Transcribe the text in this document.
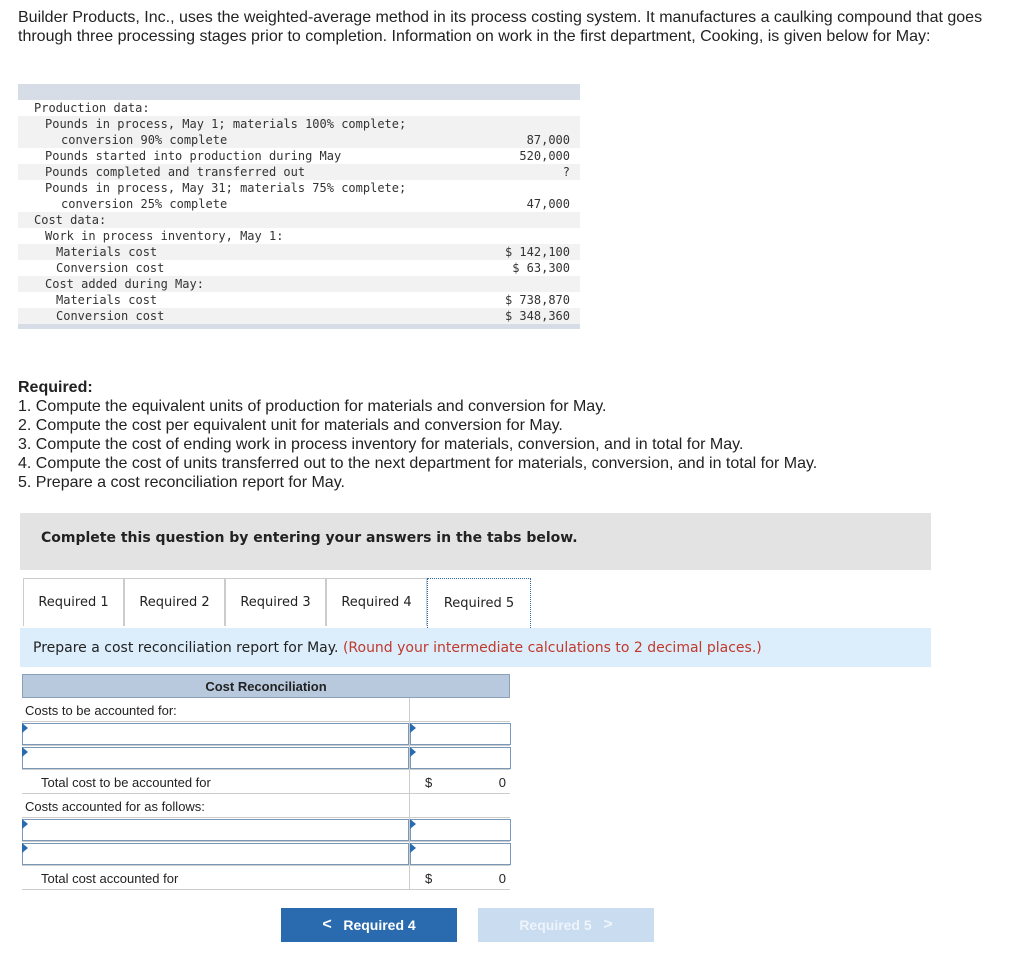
Builder Products, Inc., uses the weighted-average method in its process costing system. It manufactures a caulking compound that goes through three processing stages prior to completion. Information on work in the first department, Cooking, is given below for May:
Production data:
Pounds in process, May 1; materials 100% complete;
conversion 90% complete	87,000
Pounds started into production during May	520,000
Pounds completed and transferred out	?
Pounds in process, May 31; materials 75% complete;
conversion 25% complete	47,000
Cost data:
Work in process inventory, May 1:
Materials cost	$ 142,100
Conversion cost	$ 63,300
Cost added during May:
Materials cost	$ 738,870
Conversion cost	$ 348,360
Required:
1. Compute the equivalent units of production for materials and conversion for May.
2. Compute the cost per equivalent unit for materials and conversion for May.
3. Compute the cost of ending work in process inventory for materials, conversion, and in total for May.
4. Compute the cost of units transferred out to the next department for materials, conversion, and in total for May.
5. Prepare a cost reconciliation report for May.
Complete this question by entering your answers in the tabs below.
Required 1	Required 2	Required 3	Required 4	Required 5
Prepare a cost reconciliation report for May. (Round your intermediate calculations to 2 decimal places.)
Cost Reconciliation
Costs to be accounted for:
Total cost to be accounted for	$	0
Costs accounted for as follows:
Total cost accounted for	$	0
<
Required 4	Required 5
>
